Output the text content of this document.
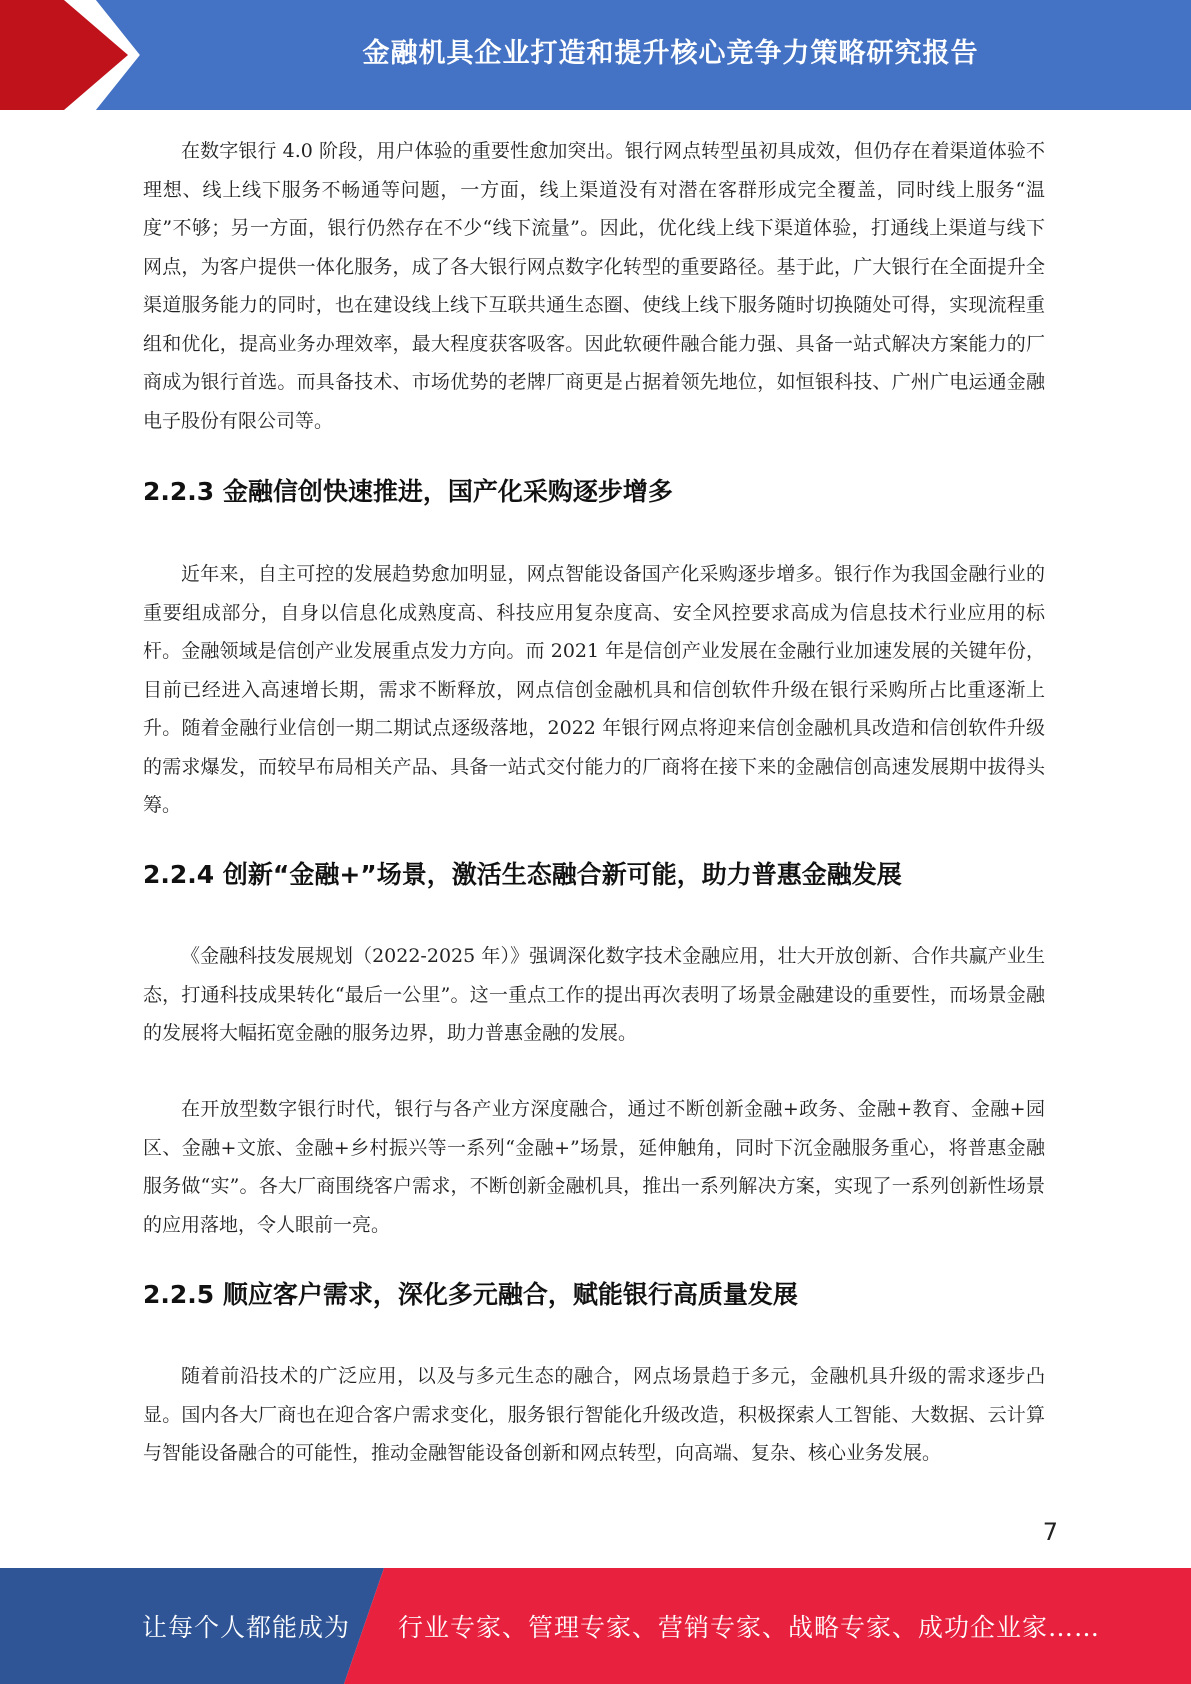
金融机具企业打造和提升核心竞争力策略研究报告

在数字银行 4.0 阶段，用户体验的重要性愈加突出。银行网点转型虽初具成效，但仍存在着渠道体验不理想、线上线下服务不畅通等问题，一方面，线上渠道没有对潜在客群形成完全覆盖，同时线上服务“温度”不够；另一方面，银行仍然存在不少“线下流量”。因此，优化线上线下渠道体验，打通线上渠道与线下网点，为客户提供一体化服务，成了各大银行网点数字化转型的重要路径。基于此，广大银行在全面提升全渠道服务能力的同时，也在建设线上线下互联共通生态圈、使线上线下服务随时切换随处可得，实现流程重组和优化，提高业务办理效率，最大程度获客吸客。因此软硬件融合能力强、具备一站式解决方案能力的厂商成为银行首选。而具备技术、市场优势的老牌厂商更是占据着领先地位，如恒银科技、广州广电运通金融电子股份有限公司等。

2.2.3 金融信创快速推进，国产化采购逐步增多

近年来，自主可控的发展趋势愈加明显，网点智能设备国产化采购逐步增多。银行作为我国金融行业的重要组成部分，自身以信息化成熟度高、科技应用复杂度高、安全风控要求高成为信息技术行业应用的标杆。金融领域是信创产业发展重点发力方向。而 2021 年是信创产业发展在金融行业加速发展的关键年份，目前已经进入高速增长期，需求不断释放，网点信创金融机具和信创软件升级在银行采购所占比重逐渐上升。随着金融行业信创一期二期试点逐级落地，2022 年银行网点将迎来信创金融机具改造和信创软件升级的需求爆发，而较早布局相关产品、具备一站式交付能力的厂商将在接下来的金融信创高速发展期中拔得头筹。

2.2.4 创新“金融+”场景，激活生态融合新可能，助力普惠金融发展

《金融科技发展规划（2022-2025 年）》强调深化数字技术金融应用，壮大开放创新、合作共赢产业生态，打通科技成果转化“最后一公里”。这一重点工作的提出再次表明了场景金融建设的重要性，而场景金融的发展将大幅拓宽金融的服务边界，助力普惠金融的发展。

在开放型数字银行时代，银行与各产业方深度融合，通过不断创新金融+政务、金融+教育、金融+园区、金融+文旅、金融+乡村振兴等一系列“金融+”场景，延伸触角，同时下沉金融服务重心，将普惠金融服务做“实”。各大厂商围绕客户需求，不断创新金融机具，推出一系列解决方案，实现了一系列创新性场景的应用落地，令人眼前一亮。

2.2.5 顺应客户需求，深化多元融合，赋能银行高质量发展

随着前沿技术的广泛应用，以及与多元生态的融合，网点场景趋于多元，金融机具升级的需求逐步凸显。国内各大厂商也在迎合客户需求变化，服务银行智能化升级改造，积极探索人工智能、大数据、云计算与智能设备融合的可能性，推动金融智能设备创新和网点转型，向高端、复杂、核心业务发展。

7
让每个人都能成为 行业专家、管理专家、营销专家、战略专家、成功企业家……
